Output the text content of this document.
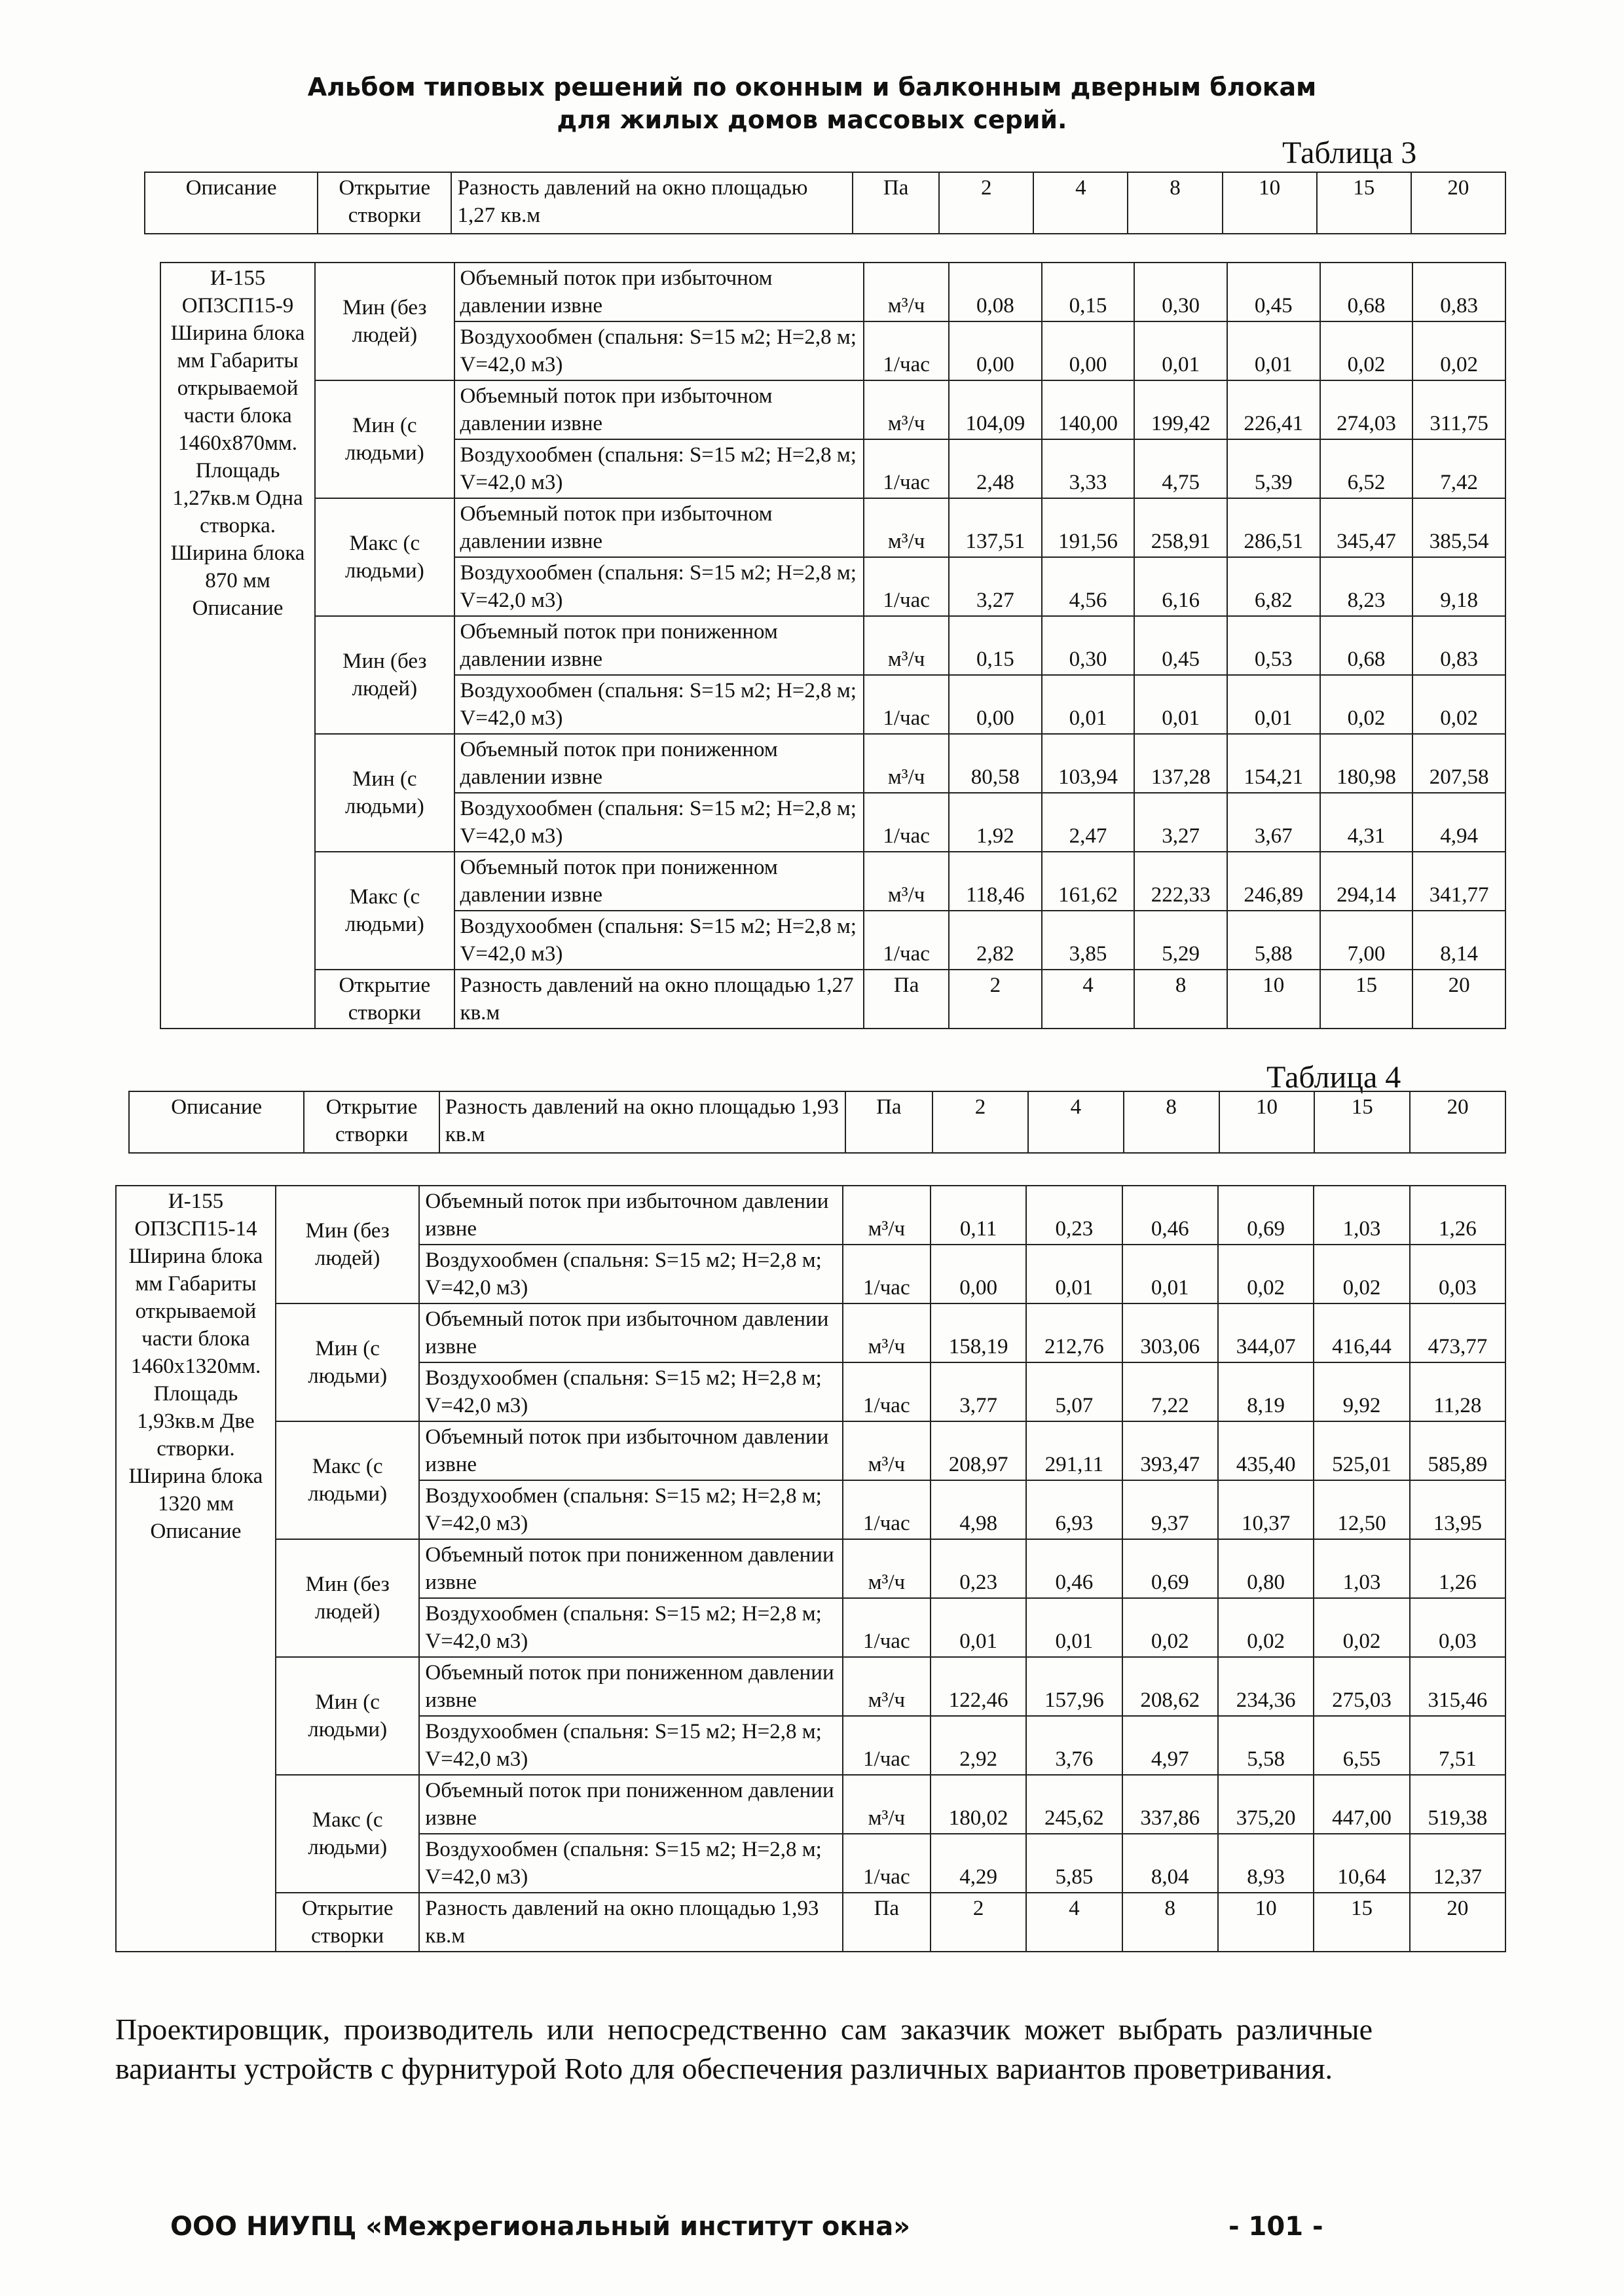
Альбом типовых решений по оконным и балконным дверным блокам
для жилых домов массовых серий.
Таблица 3
Описание	Открытие створки	Разность давлений на окно площадью 1,27 кв.м	Па	2	4	8	10	15	20
И-155 ОП3СП15-9 Ширина блока мм Габариты открываемой части блока 1460x870мм. Площадь 1,27кв.м Одна створка. Ширина блока 870 мм Описание	Мин (без людей)	Объемный поток при избыточном давлении извне	м³/ч	0,08	0,15	0,30	0,45	0,68	0,83
		Воздухообмен (спальня: S=15 м2; H=2,8 м; V=42,0 м3)	1/час	0,00	0,00	0,01	0,01	0,02	0,02
	Мин (с людьми)	Объемный поток при избыточном давлении извне	м³/ч	104,09	140,00	199,42	226,41	274,03	311,75
		Воздухообмен (спальня: S=15 м2; H=2,8 м; V=42,0 м3)	1/час	2,48	3,33	4,75	5,39	6,52	7,42
	Макс (с людьми)	Объемный поток при избыточном давлении извне	м³/ч	137,51	191,56	258,91	286,51	345,47	385,54
		Воздухообмен (спальня: S=15 м2; H=2,8 м; V=42,0 м3)	1/час	3,27	4,56	6,16	6,82	8,23	9,18
	Мин (без людей)	Объемный поток при пониженном давлении извне	м³/ч	0,15	0,30	0,45	0,53	0,68	0,83
		Воздухообмен (спальня: S=15 м2; H=2,8 м; V=42,0 м3)	1/час	0,00	0,01	0,01	0,01	0,02	0,02
	Мин (с людьми)	Объемный поток при пониженном давлении извне	м³/ч	80,58	103,94	137,28	154,21	180,98	207,58
		Воздухообмен (спальня: S=15 м2; H=2,8 м; V=42,0 м3)	1/час	1,92	2,47	3,27	3,67	4,31	4,94
	Макс (с людьми)	Объемный поток при пониженном давлении извне	м³/ч	118,46	161,62	222,33	246,89	294,14	341,77
		Воздухообмен (спальня: S=15 м2; H=2,8 м; V=42,0 м3)	1/час	2,82	3,85	5,29	5,88	7,00	8,14
	Открытие створки	Разность давлений на окно площадью 1,27 кв.м	Па	2	4	8	10	15	20
Таблица 4
Описание	Открытие створки	Разность давлений на окно площадью 1,93 кв.м	Па	2	4	8	10	15	20
И-155 ОП3СП15-14 Ширина блока мм Габариты открываемой части блока 1460x1320мм. Площадь 1,93кв.м Две створки. Ширина блока 1320 мм Описание	Мин (без людей)	Объемный поток при избыточном давлении извне	м³/ч	0,11	0,23	0,46	0,69	1,03	1,26
		Воздухообмен (спальня: S=15 м2; H=2,8 м; V=42,0 м3)	1/час	0,00	0,01	0,01	0,02	0,02	0,03
	Мин (с людьми)	Объемный поток при избыточном давлении извне	м³/ч	158,19	212,76	303,06	344,07	416,44	473,77
		Воздухообмен (спальня: S=15 м2; H=2,8 м; V=42,0 м3)	1/час	3,77	5,07	7,22	8,19	9,92	11,28
	Макс (с людьми)	Объемный поток при избыточном давлении извне	м³/ч	208,97	291,11	393,47	435,40	525,01	585,89
		Воздухообмен (спальня: S=15 м2; H=2,8 м; V=42,0 м3)	1/час	4,98	6,93	9,37	10,37	12,50	13,95
	Мин (без людей)	Объемный поток при пониженном давлении извне	м³/ч	0,23	0,46	0,69	0,80	1,03	1,26
		Воздухообмен (спальня: S=15 м2; H=2,8 м; V=42,0 м3)	1/час	0,01	0,01	0,02	0,02	0,02	0,03
	Мин (с людьми)	Объемный поток при пониженном давлении извне	м³/ч	122,46	157,96	208,62	234,36	275,03	315,46
		Воздухообмен (спальня: S=15 м2; H=2,8 м; V=42,0 м3)	1/час	2,92	3,76	4,97	5,58	6,55	7,51
	Макс (с людьми)	Объемный поток при пониженном давлении извне	м³/ч	180,02	245,62	337,86	375,20	447,00	519,38
		Воздухообмен (спальня: S=15 м2; H=2,8 м; V=42,0 м3)	1/час	4,29	5,85	8,04	8,93	10,64	12,37
	Открытие створки	Разность давлений на окно площадью 1,93 кв.м	Па	2	4	8	10	15	20
Проектировщик, производитель или непосредственно сам заказчик может выбрать различные варианты устройств с фурнитурой Roto для обеспечения различных вариантов проветривания.
ООО НИУПЦ «Межрегиональный институт окна»	- 101 -
